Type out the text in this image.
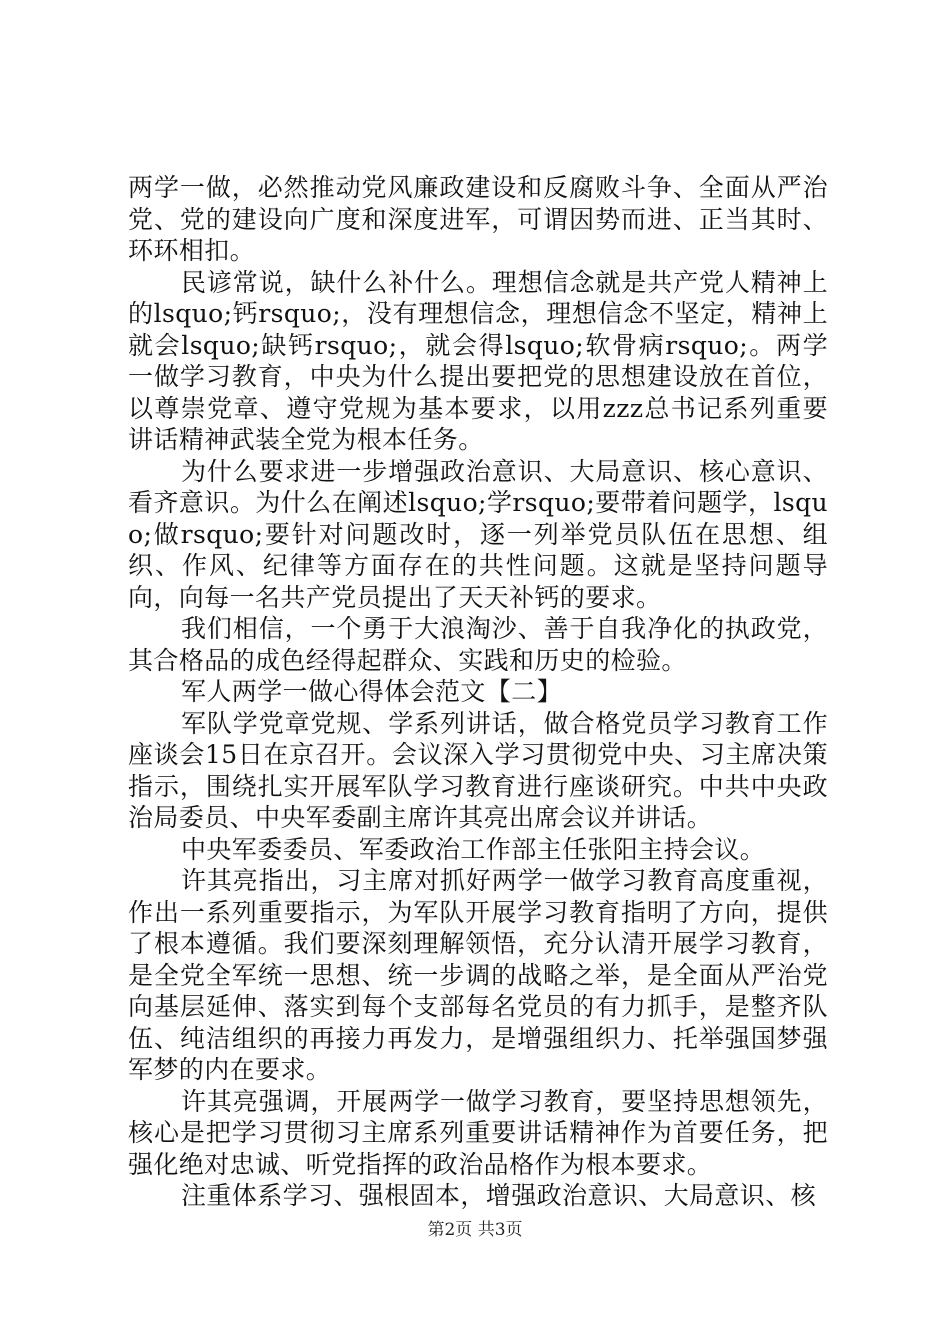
两学一做，必然推动党风廉政建设和反腐败斗争、全面从严治党、党的建设向广度和深度进军，可谓因势而进、正当其时、环环相扣。

民谚常说，缺什么补什么。理想信念就是共产党人精神上的lsquo;钙rsquo;，没有理想信念，理想信念不坚定，精神上就会lsquo;缺钙rsquo;，就会得lsquo;软骨病rsquo;。两学一做学习教育，中央为什么提出要把党的思想建设放在首位，以尊崇党章、遵守党规为基本要求，以用zzz总书记系列重要讲话精神武装全党为根本任务。

为什么要求进一步增强政治意识、大局意识、核心意识、看齐意识。为什么在阐述lsquo;学rsquo;要带着问题学，lsquo;做rsquo;要针对问题改时，逐一列举党员队伍在思想、组织、作风、纪律等方面存在的共性问题。这就是坚持问题导向，向每一名共产党员提出了天天补钙的要求。

我们相信，一个勇于大浪淘沙、善于自我净化的执政党，其合格品的成色经得起群众、实践和历史的检验。

军人两学一做心得体会范文【二】

军队学党章党规、学系列讲话，做合格党员学习教育工作座谈会15日在京召开。会议深入学习贯彻党中央、习主席决策指示，围绕扎实开展军队学习教育进行座谈研究。中共中央政治局委员、中央军委副主席许其亮出席会议并讲话。

中央军委委员、军委政治工作部主任张阳主持会议。

许其亮指出，习主席对抓好两学一做学习教育高度重视，作出一系列重要指示，为军队开展学习教育指明了方向，提供了根本遵循。我们要深刻理解领悟，充分认清开展学习教育，是全党全军统一思想、统一步调的战略之举，是全面从严治党向基层延伸、落实到每个支部每名党员的有力抓手，是整齐队伍、纯洁组织的再接力再发力，是增强组织力、托举强国梦强军梦的内在要求。

许其亮强调，开展两学一做学习教育，要坚持思想领先，核心是把学习贯彻习主席系列重要讲话精神作为首要任务，把强化绝对忠诚、听党指挥的政治品格作为根本要求。

注重体系学习、强根固本，增强政治意识、大局意识、核

第2页 共3页
